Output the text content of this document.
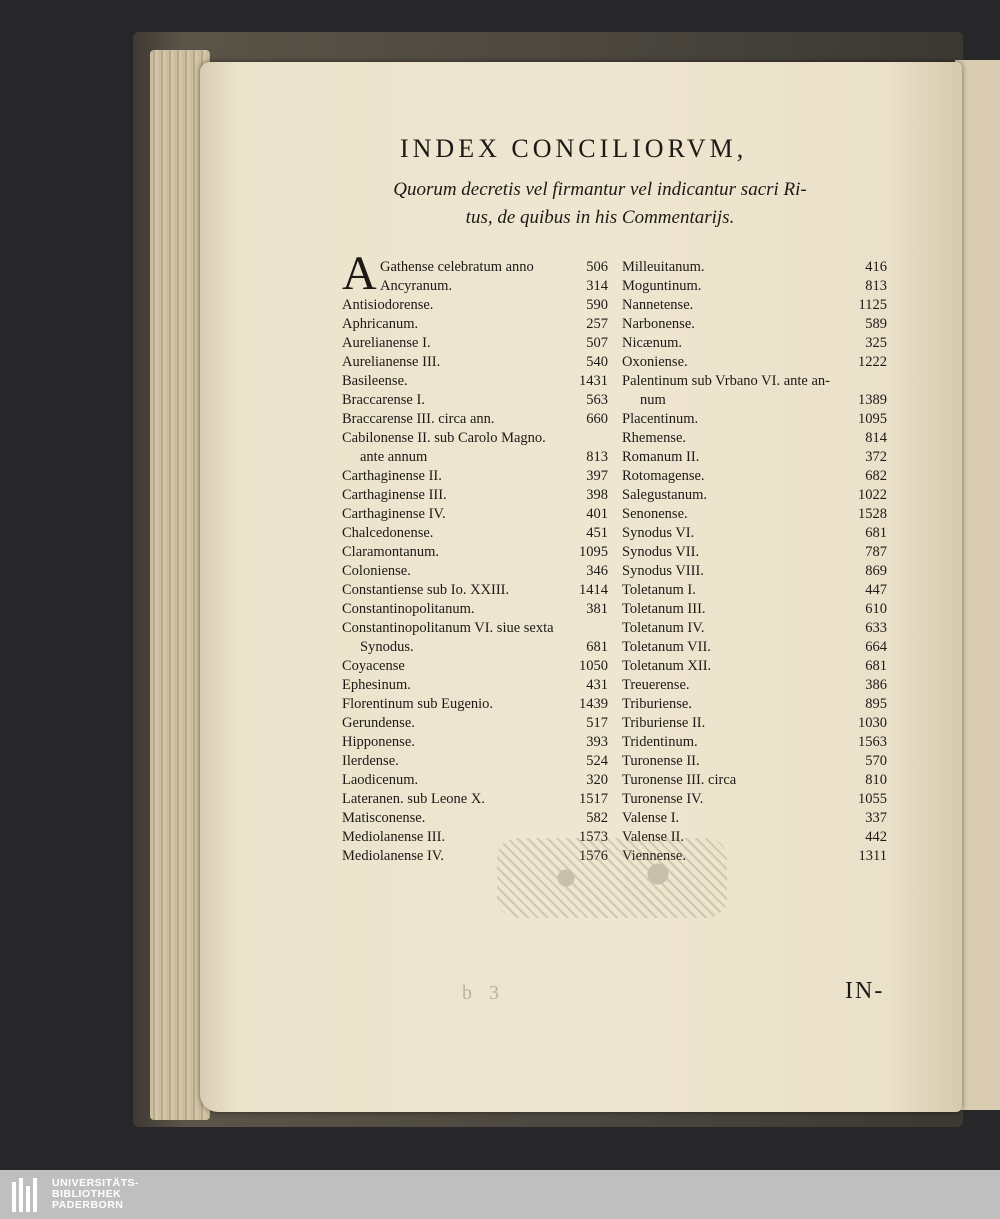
INDEX CONCILIORVM,
Quorum decretis vel firmantur vel indicantur sacri Ri-
tus, de quibus in his Commentarijs.
A Gathense celebratum anno	506
Ancyranum.	314
Antisiodorense.	590
Aphricanum.	257
Aurelianense I.	507
Aurelianense III.	540
Basileense.	1431
Braccarense I.	563
Braccarense III. circa ann.	660
Cabilonense II. sub Carolo Magno.
ante annum	813
Carthaginense II.	397
Carthaginense III.	398
Carthaginense IV.	401
Chalcedonense.	451
Claramontanum.	1095
Coloniense.	346
Constantiense sub Io. XXIII.	1414
Constantinopolitanum.	381
Constantinopolitanum VI. siue sexta
Synodus.	681
Coyacense	1050
Ephesinum.	431
Florentinum sub Eugenio.	1439
Gerundense.	517
Hipponense.	393
Ilerdense.	524
Laodicenum.	320
Lateranen. sub Leone X.	1517
Matisconense.	582
Mediolanense III.	1573
Mediolanense IV.	1576
Milleuitanum.	416
Moguntinum.	813
Nannetense.	1125
Narbonense.	589
Nicænum.	325
Oxoniense.	1222
Palentinum sub Vrbano VI. ante an-
num	1389
Placentinum.	1095
Rhemense.	814
Romanum II.	372
Rotomagense.	682
Salegustanum.	1022
Senonense.	1528
Synodus VI.	681
Synodus VII.	787
Synodus VIII.	869
Toletanum I.	447
Toletanum III.	610
Toletanum IV.	633
Toletanum VII.	664
Toletanum XII.	681
Treuerense.	386
Triburiense.	895
Triburiense II.	1030
Tridentinum.	1563
Turonense II.	570
Turonense III. circa	810
Turonense IV.	1055
Valense I.	337
Valense II.	442
Viennense.	1311
b 3	IN-
UNIVERSITÄTS-
BIBLIOTHEK
PADERBORN
